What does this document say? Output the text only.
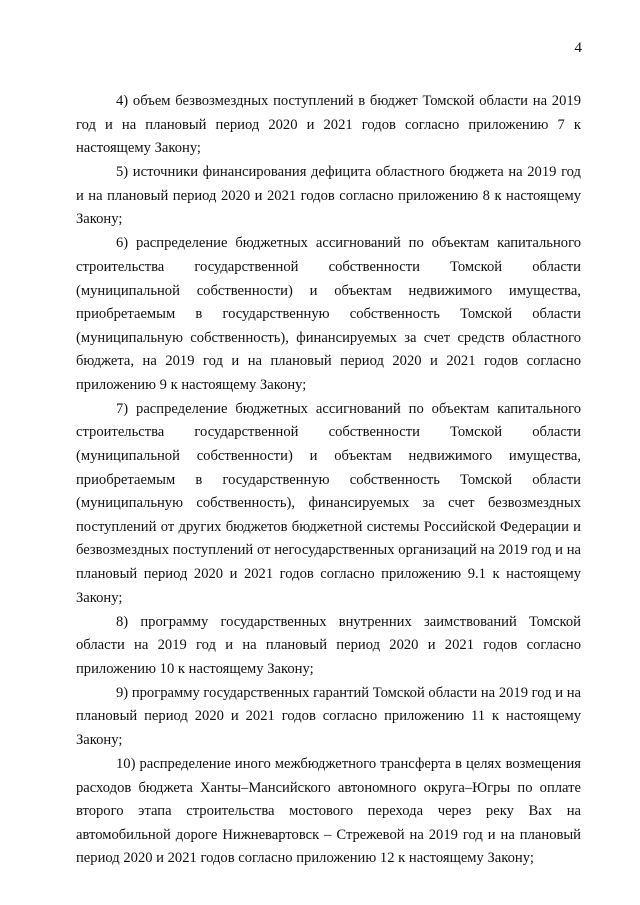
4

4) объем безвозмездных поступлений в бюджет Томской области на 2019 год и на плановый период 2020 и 2021 годов согласно приложению 7 к настоящему Закону;

5) источники финансирования дефицита областного бюджета на 2019 год и на плановый период 2020 и 2021 годов согласно приложению 8 к настоящему Закону;

6) распределение бюджетных ассигнований по объектам капитального строительства государственной собственности Томской области (муниципальной собственности) и объектам недвижимого имущества, приобретаемым в государственную собственность Томской области (муниципальную собственность), финансируемых за счет средств областного бюджета, на 2019 год и на плановый период 2020 и 2021 годов согласно приложению 9 к настоящему Закону;

7) распределение бюджетных ассигнований по объектам капитального строительства государственной собственности Томской области (муниципальной собственности) и объектам недвижимого имущества, приобретаемым в государственную собственность Томской области (муниципальную собственность), финансируемых за счет безвозмездных поступлений от других бюджетов бюджетной системы Российской Федерации и безвозмездных поступлений от негосударственных организаций на 2019 год и на плановый период 2020 и 2021 годов согласно приложению 9.1 к настоящему Закону;

8) программу государственных внутренних заимствований Томской области на 2019 год и на плановый период 2020 и 2021 годов согласно приложению 10 к настоящему Закону;

9) программу государственных гарантий Томской области на 2019 год и на плановый период 2020 и 2021 годов согласно приложению 11 к настоящему Закону;

10) распределение иного межбюджетного трансферта в целях возмещения расходов бюджета Ханты–Мансийского автономного округа–Югры по оплате второго этапа строительства мостового перехода через реку Вах на автомобильной дороге Нижневартовск – Стрежевой на 2019 год и на плановый период 2020 и 2021 годов согласно приложению 12 к настоящему Закону;
